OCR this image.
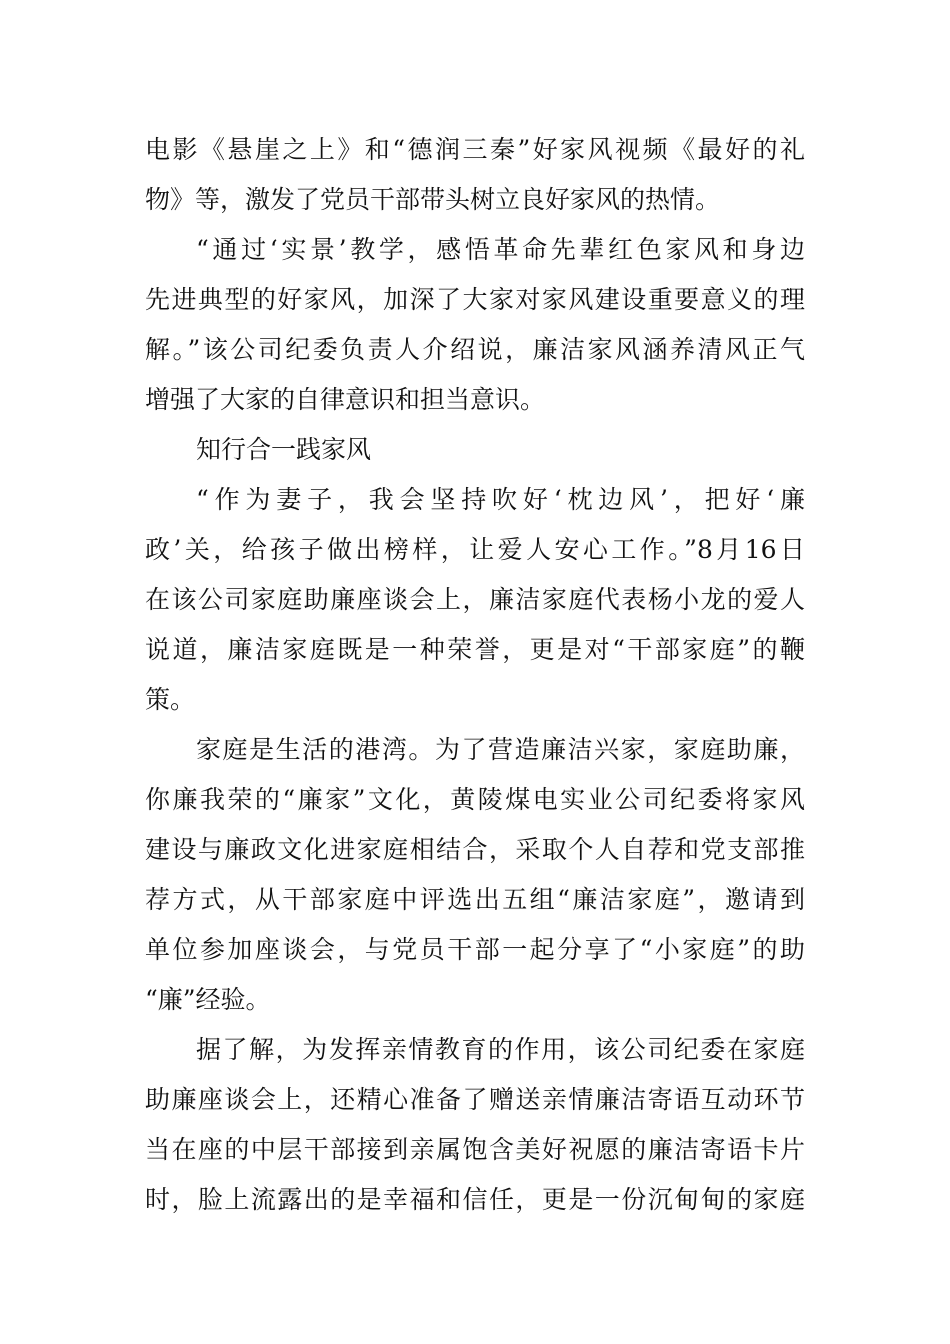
电影《悬崖之上》和“德润三秦”好家风视频《最好的礼
物》等，激发了党员干部带头树立良好家风的热情。
“通过‘实景’教学，感悟革命先辈红色家风和身边
先进典型的好家风，加深了大家对家风建设重要意义的理
解。”该公司纪委负责人介绍说，廉洁家风涵养清风正气
增强了大家的自律意识和担当意识。
知行合一践家风
“作为妻子，我会坚持吹好‘枕边风’，把好‘廉
政’关，给孩子做出榜样，让爱人安心工作。”8月16日
在该公司家庭助廉座谈会上，廉洁家庭代表杨小龙的爱人
说道，廉洁家庭既是一种荣誉，更是对“干部家庭”的鞭
策。
家庭是生活的港湾。为了营造廉洁兴家，家庭助廉，
你廉我荣的“廉家”文化，黄陵煤电实业公司纪委将家风
建设与廉政文化进家庭相结合，采取个人自荐和党支部推
荐方式，从干部家庭中评选出五组“廉洁家庭”，邀请到
单位参加座谈会，与党员干部一起分享了“小家庭”的助
“廉”经验。
据了解，为发挥亲情教育的作用，该公司纪委在家庭
助廉座谈会上，还精心准备了赠送亲情廉洁寄语互动环节
当在座的中层干部接到亲属饱含美好祝愿的廉洁寄语卡片
时，脸上流露出的是幸福和信任，更是一份沉甸甸的家庭
